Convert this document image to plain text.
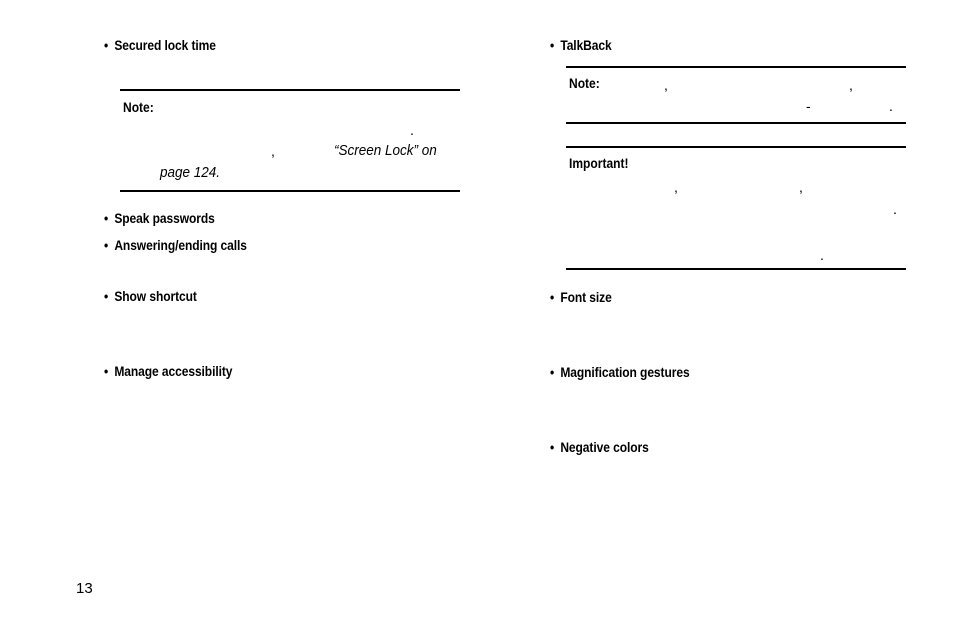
• Secured lock time
Note:
.
,	“Screen Lock” on
page 124.
• Speak passwords
• Answering/ending calls
• Show shortcut
• Manage accessibility
• TalkBack
Note:	,	,
-	.
Important!
,	,
.
.
• Font size
• Magnification gestures
• Negative colors
13
